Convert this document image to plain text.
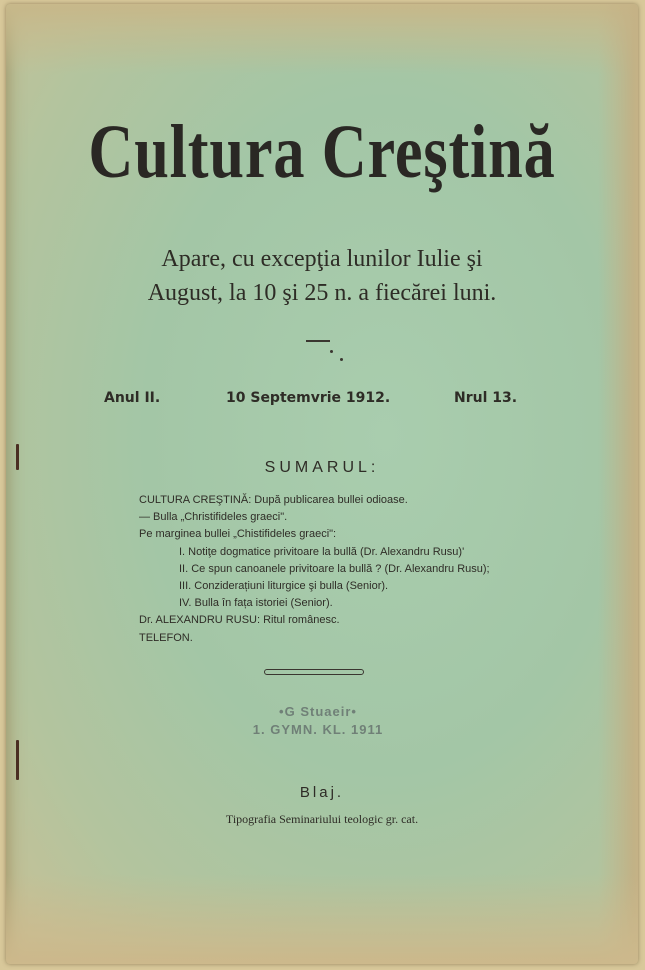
Cultura Creştină
Apare, cu excepţia lunilor Iulie şi
August, la 10 şi 25 n. a fiecărei luni.
Anul II.	10 Septemvrie 1912.	Nrul 13.
SUMARUL:
CULTURA CREŞTINĂ: După publicarea bullei odioase.
— Bulla „Christifideles graeci".
Pe marginea bullei „Chistifideles graeci":
I. Notiţe dogmatice privitoare la bullă (Dr. Alexandru Rusu)'
II. Ce spun canoanele privitoare la bullă ? (Dr. Alexandru Rusu);
III. Conziderațiuni liturgice şi bulla (Senior).
IV. Bulla în fața istoriei (Senior).
Dr. ALEXANDRU RUSU: Ritul românesc.
TELEFON.
•G Stuaeir•
1. GYMN. KL. 1911
Blaj.
Tipografia Seminariului teologic gr. cat.
